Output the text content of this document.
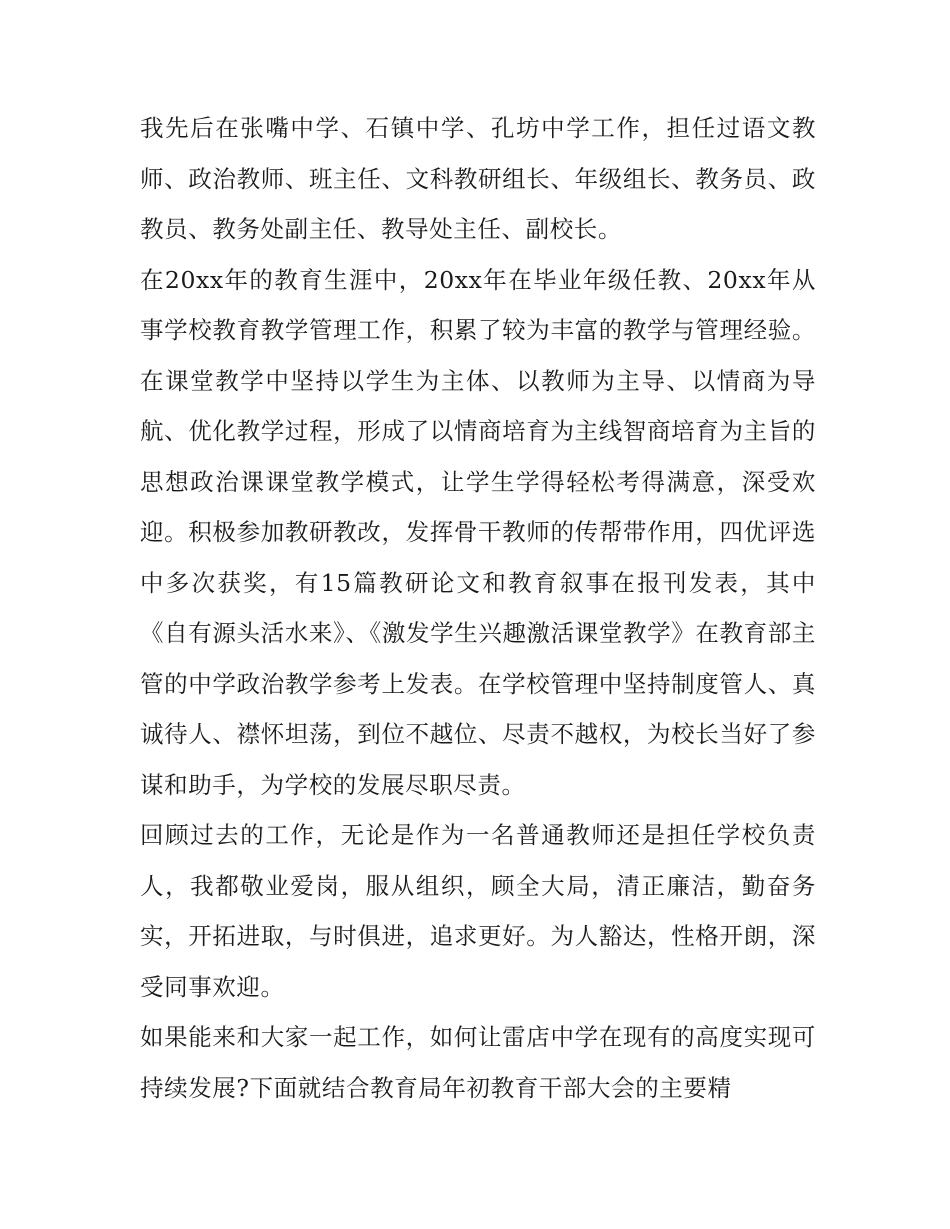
我先后在张嘴中学、石镇中学、孔坊中学工作，担任过语文教师、政治教师、班主任、文科教研组长、年级组长、教务员、政教员、教务处副主任、教导处主任、副校长。

在20xx年的教育生涯中，20xx年在毕业年级任教、20xx年从事学校教育教学管理工作，积累了较为丰富的教学与管理经验。在课堂教学中坚持以学生为主体、以教师为主导、以情商为导航、优化教学过程，形成了以情商培育为主线智商培育为主旨的思想政治课课堂教学模式，让学生学得轻松考得满意，深受欢迎。积极参加教研教改，发挥骨干教师的传帮带作用，四优评选中多次获奖，有15篇教研论文和教育叙事在报刊发表，其中《自有源头活水来》、《激发学生兴趣激活课堂教学》在教育部主管的中学政治教学参考上发表。在学校管理中坚持制度管人、真诚待人、襟怀坦荡，到位不越位、尽责不越权，为校长当好了参谋和助手，为学校的发展尽职尽责。

回顾过去的工作，无论是作为一名普通教师还是担任学校负责人，我都敬业爱岗，服从组织，顾全大局，清正廉洁，勤奋务实，开拓进取，与时俱进，追求更好。为人豁达，性格开朗，深受同事欢迎。

如果能来和大家一起工作，如何让雷店中学在现有的高度实现可持续发展?下面就结合教育局年初教育干部大会的主要精
